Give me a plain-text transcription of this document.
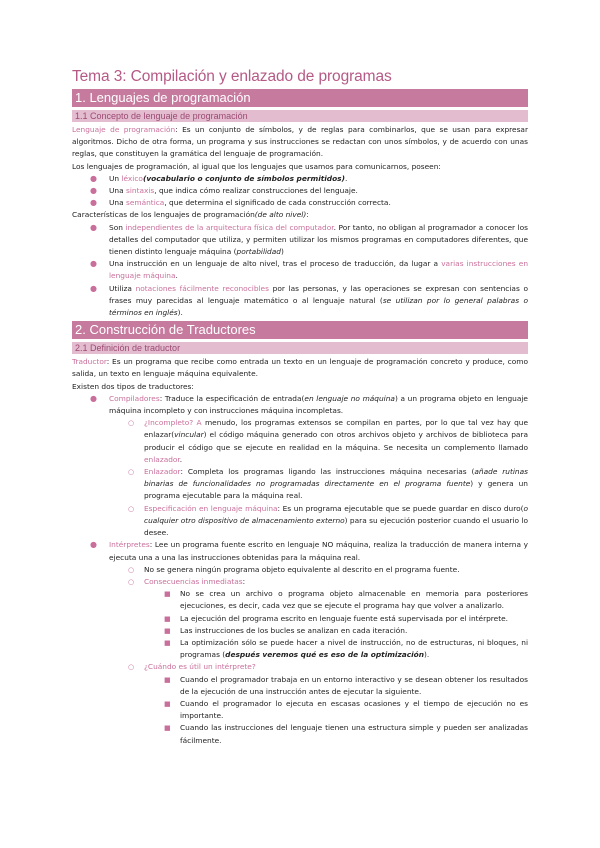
Tema 3: Compilación y enlazado de programas
1. Lenguajes de programación
1.1 Concepto de lenguaje de programación

Lenguaje de programación: Es un conjunto de símbolos, y de reglas para combinarlos, que se usan para expresar algoritmos. Dicho de otra forma, un programa y sus instrucciones se redactan con unos símbolos, y de acuerdo con unas reglas, que constituyen la gramática del lenguaje de programación.

Los lenguajes de programación, al igual que los lenguajes que usamos para comunicarnos, poseen:

● Un léxico(vocabulario o conjunto de símbolos permitidos).
● Una sintaxis, que indica cómo realizar construcciones del lenguaje.
● Una semántica, que determina el significado de cada construcción correcta.

Características de los lenguajes de programación(de alto nivel):

● Son independientes de la arquitectura física del computador. Por tanto, no obligan al programador a conocer los detalles del computador que utiliza, y permiten utilizar los mismos programas en computadores diferentes, que tienen distinto lenguaje máquina (portabilidad)
● Una instrucción en un lenguaje de alto nivel, tras el proceso de traducción, da lugar a varias instrucciones en lenguaje máquina.
● Utiliza notaciones fácilmente reconocibles por las personas, y las operaciones se expresan con sentencias o frases muy parecidas al lenguaje matemático o al lenguaje natural (se utilizan por lo general palabras o términos en inglés).
2. Construcción de Traductores
2.1 Definición de traductor

Traductor: Es un programa que recibe como entrada un texto en un lenguaje de programación concreto y produce, como salida, un texto en lenguaje máquina equivalente.

Existen dos tipos de traductores:

● Compiladores: Traduce la especificación de entrada(en lenguaje no máquina) a un programa objeto en lenguaje máquina incompleto y con instrucciones máquina incompletas.
○ ¿Incompleto? A menudo, los programas extensos se compilan en partes, por lo que tal vez hay que enlazar(vincular) el código máquina generado con otros archivos objeto y archivos de biblioteca para producir el código que se ejecute en realidad en la máquina. Se necesita un complemento llamado enlazador.
○ Enlazador: Completa los programas ligando las instrucciones máquina necesarias (añade rutinas binarias de funcionalidades no programadas directamente en el programa fuente) y genera un programa ejecutable para la máquina real.
○ Especificación en lenguaje máquina: Es un programa ejecutable que se puede guardar en disco duro(o cualquier otro dispositivo de almacenamiento externo) para su ejecución posterior cuando el usuario lo desee.
● Intérpretes: Lee un programa fuente escrito en lenguaje NO máquina, realiza la traducción de manera interna y ejecuta una a una las instrucciones obtenidas para la máquina real.
○ No se genera ningún programa objeto equivalente al descrito en el programa fuente.
○ Consecuencias inmediatas:
■ No se crea un archivo o programa objeto almacenable en memoria para posteriores ejecuciones, es decir, cada vez que se ejecute el programa hay que volver a analizarlo.
■ La ejecución del programa escrito en lenguaje fuente está supervisada por el intérprete.
■ Las instrucciones de los bucles se analizan en cada iteración.
■ La optimización sólo se puede hacer a nivel de instrucción, no de estructuras, ni bloques, ni programas (después veremos qué es eso de la optimización).
○ ¿Cuándo es útil un intérprete?
■ Cuando el programador trabaja en un entorno interactivo y se desean obtener los resultados de la ejecución de una instrucción antes de ejecutar la siguiente.
■ Cuando el programador lo ejecuta en escasas ocasiones y el tiempo de ejecución no es importante.
■ Cuando las instrucciones del lenguaje tienen una estructura simple y pueden ser analizadas fácilmente.
